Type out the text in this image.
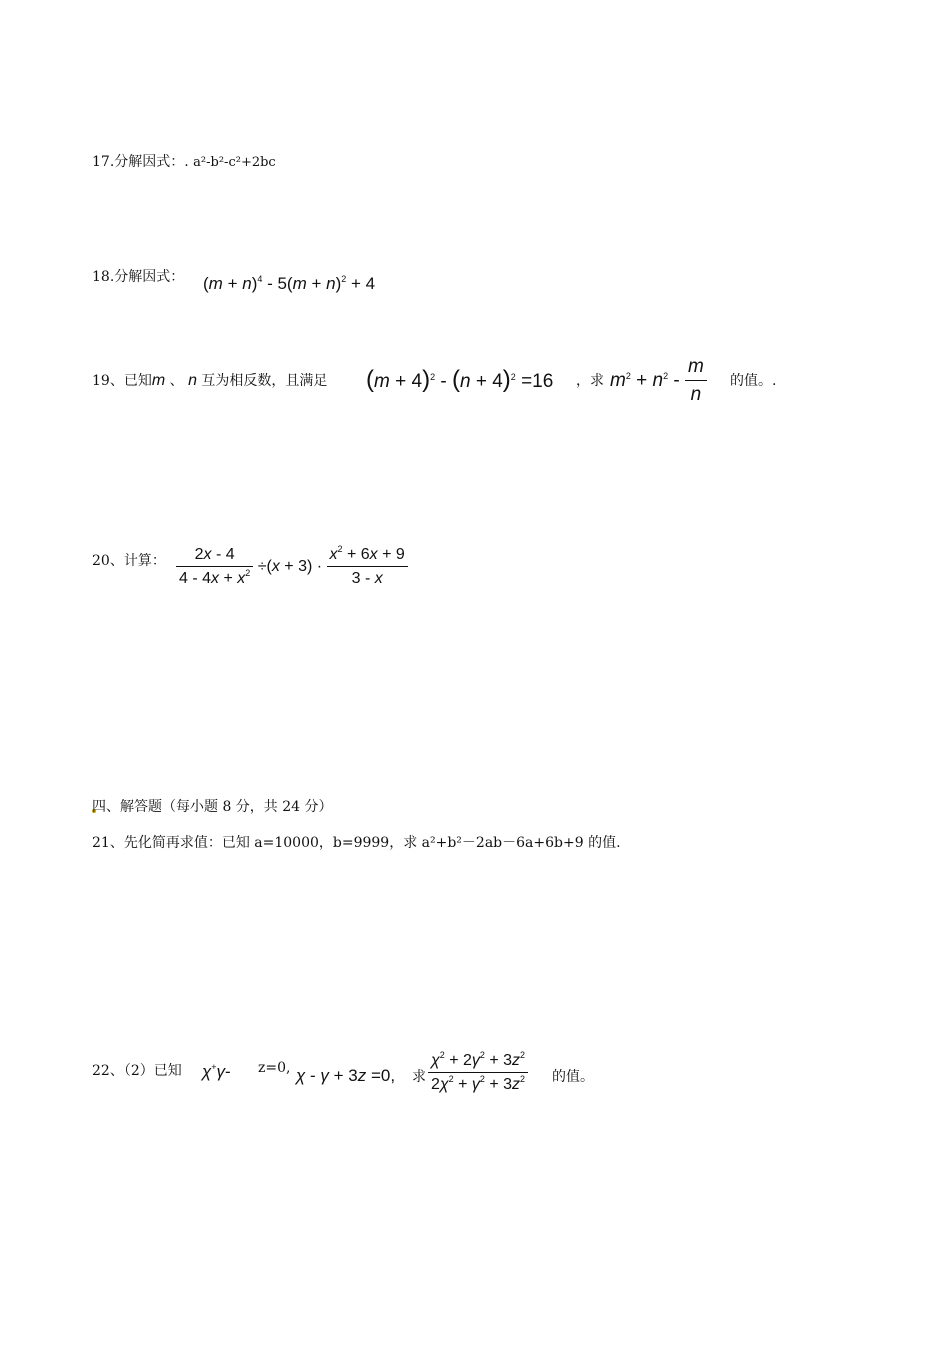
17.分解因式：. a²-b²-c²+2bc
18.分解因式： $(m + n)^4 - 5(m + n)^2 + 4$
19、已知m 、 n 互为相反数，且满足 $(m + 4)^2 - (n + 4)^2 =16$ ，求 $m^2 + n^2 - \frac{m}{n}$ 的值。.
20、计算： $\frac{2x - 4}{4 - 4x + x^2} \div(x + 3) \cdot \frac{x^2 + 6x + 9}{3 - x}$
四、解答题（每小题 8 分，共 24 分）
21、先化简再求值：已知 a=10000，b=9999，求 a²+b²－2ab－6a+6b+9 的值.
22、（2）已知 χ+γ- z=0, χ - γ + 3z =0, 求 $\frac{\chi^2 + 2\gamma^2 + 3z^2}{2\chi^2 + \gamma^2 + 3z^2}$ 的值。
